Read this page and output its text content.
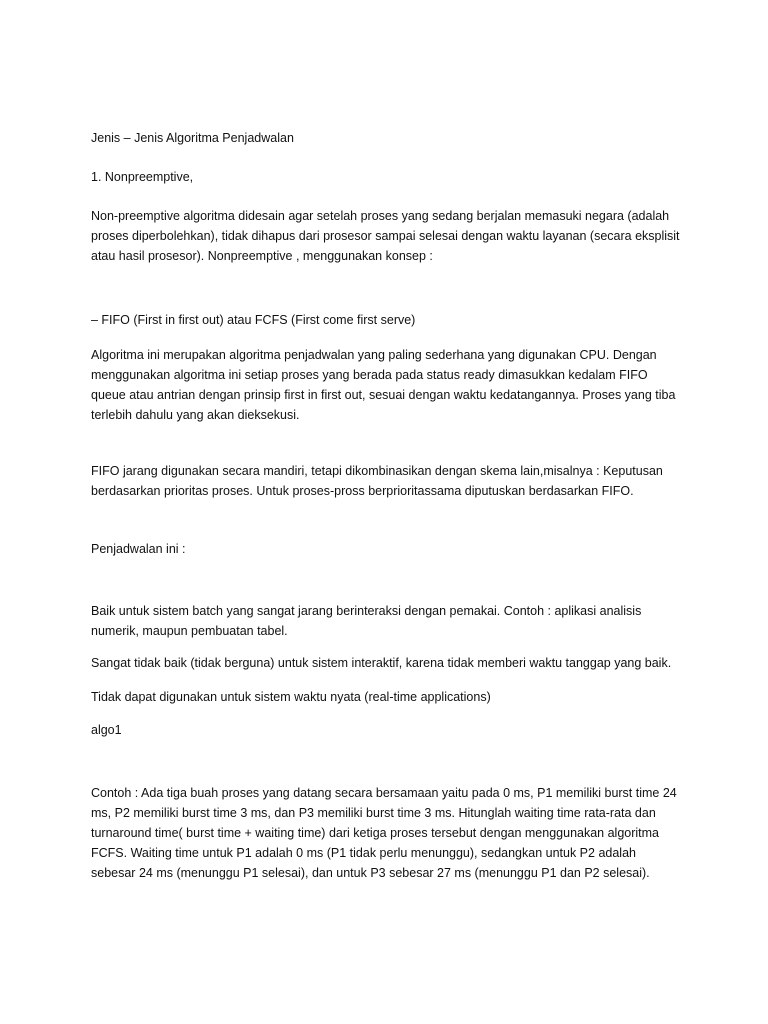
Jenis – Jenis Algoritma Penjadwalan

1. Nonpreemptive,

Non-preemptive algoritma didesain agar setelah proses yang sedang berjalan memasuki negara (adalah proses diperbolehkan), tidak dihapus dari prosesor sampai selesai dengan waktu layanan (secara eksplisit atau hasil prosesor). Nonpreemptive , menggunakan konsep :

– FIFO (First in first out) atau FCFS (First come first serve)

Algoritma ini merupakan algoritma penjadwalan yang paling sederhana yang digunakan CPU. Dengan menggunakan algoritma ini setiap proses yang berada pada status ready dimasukkan kedalam FIFO queue atau antrian dengan prinsip first in first out, sesuai dengan waktu kedatangannya. Proses yang tiba terlebih dahulu yang akan dieksekusi.

FIFO jarang digunakan secara mandiri, tetapi dikombinasikan dengan skema lain,misalnya : Keputusan berdasarkan prioritas proses. Untuk proses-pross berprioritassama diputuskan berdasarkan FIFO.

Penjadwalan ini :

Baik untuk sistem batch yang sangat jarang berinteraksi dengan pemakai. Contoh : aplikasi analisis numerik, maupun pembuatan tabel.

Sangat tidak baik (tidak berguna) untuk sistem interaktif, karena tidak memberi waktu tanggap yang baik.

Tidak dapat digunakan untuk sistem waktu nyata (real-time applications)

algo1

Contoh : Ada tiga buah proses yang datang secara bersamaan yaitu pada 0 ms, P1 memiliki burst time 24 ms, P2 memiliki burst time 3 ms, dan P3 memiliki burst time 3 ms. Hitunglah waiting time rata-rata dan turnaround time( burst time + waiting time) dari ketiga proses tersebut dengan menggunakan algoritma FCFS. Waiting time untuk P1 adalah 0 ms (P1 tidak perlu menunggu), sedangkan untuk P2 adalah sebesar 24 ms (menunggu P1 selesai), dan untuk P3 sebesar 27 ms (menunggu P1 dan P2 selesai).
